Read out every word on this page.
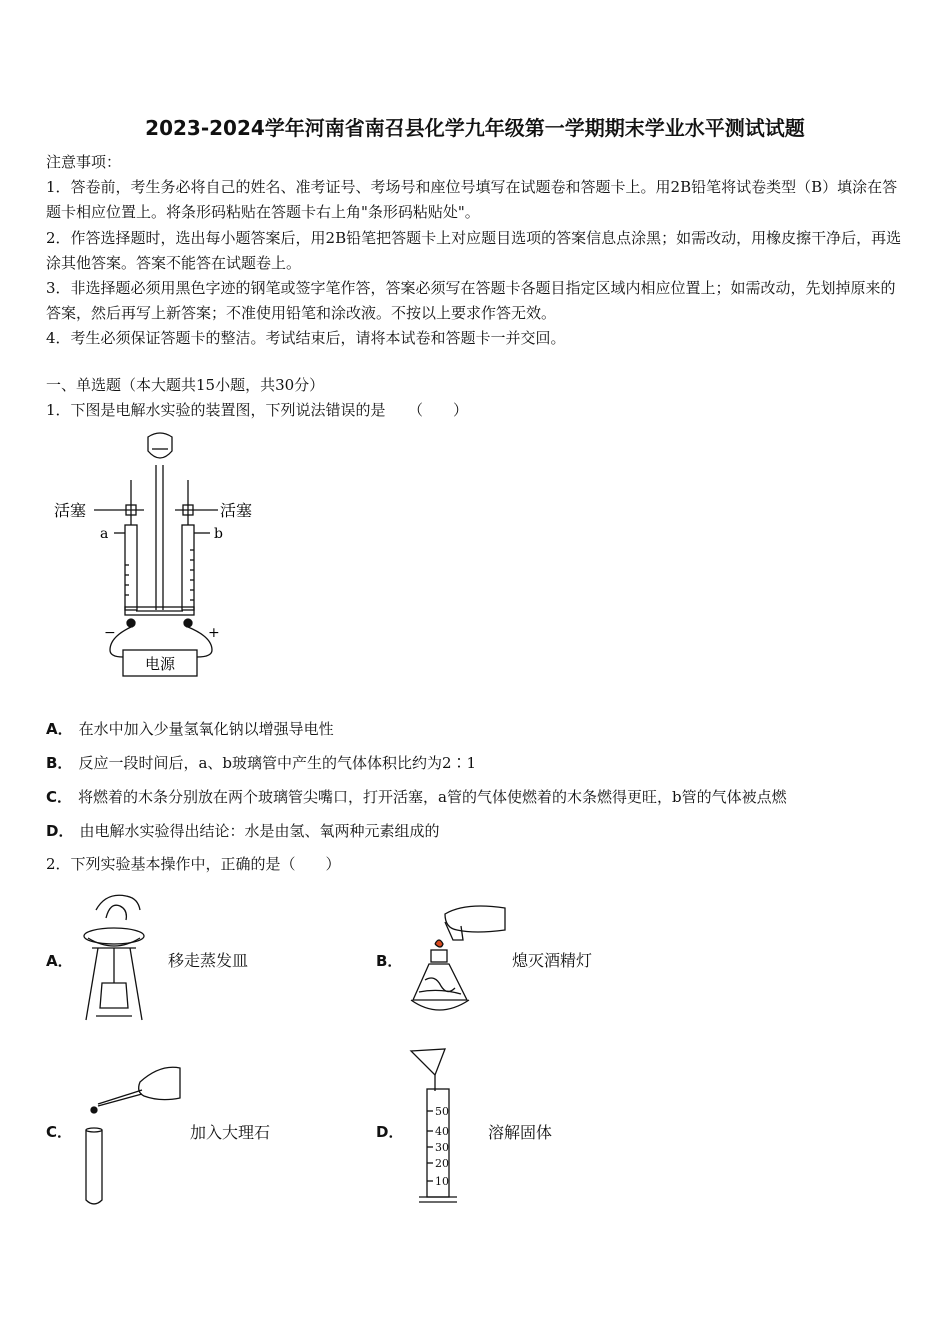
2023-2024学年河南省南召县化学九年级第一学期期末学业水平测试试题

注意事项：

1．答卷前，考生务必将自己的姓名、准考证号、考场号和座位号填写在试题卷和答题卡上。用2B铅笔将试卷类型（B）填涂在答题卡相应位置上。将条形码粘贴在答题卡右上角"条形码粘贴处"。

2．作答选择题时，选出每小题答案后，用2B铅笔把答题卡上对应题目选项的答案信息点涂黑；如需改动，用橡皮擦干净后，再选涂其他答案。答案不能答在试题卷上。

3．非选择题必须用黑色字迹的钢笔或签字笔作答，答案必须写在答题卡各题目指定区域内相应位置上；如需改动，先划掉原来的答案，然后再写上新答案；不准使用铅笔和涂改液。不按以上要求作答无效。

4．考生必须保证答题卡的整洁。考试结束后，请将本试卷和答题卡一并交回。

一、单选题（本大题共15小题，共30分）
1．下图是电解水实验的装置图，下列说法错误的是　　（　　）
活塞	活塞
a	b
−	+
电源
A． 在水中加入少量氢氧化钠以增强导电性
B． 反应一段时间后，a、b玻璃管中产生的气体体积比约为2∶1
C． 将燃着的木条分别放在两个玻璃管尖嘴口，打开活塞，a管的气体使燃着的木条燃得更旺，b管的气体被点燃
D． 由电解水实验得出结论：水是由氢、氧两种元素组成的
2．下列实验基本操作中，正确的是（　　）
A．	移走蒸发皿	B．	熄灭酒精灯
C．	加入大理石	D．
50
40
30
20
10
溶解固体
